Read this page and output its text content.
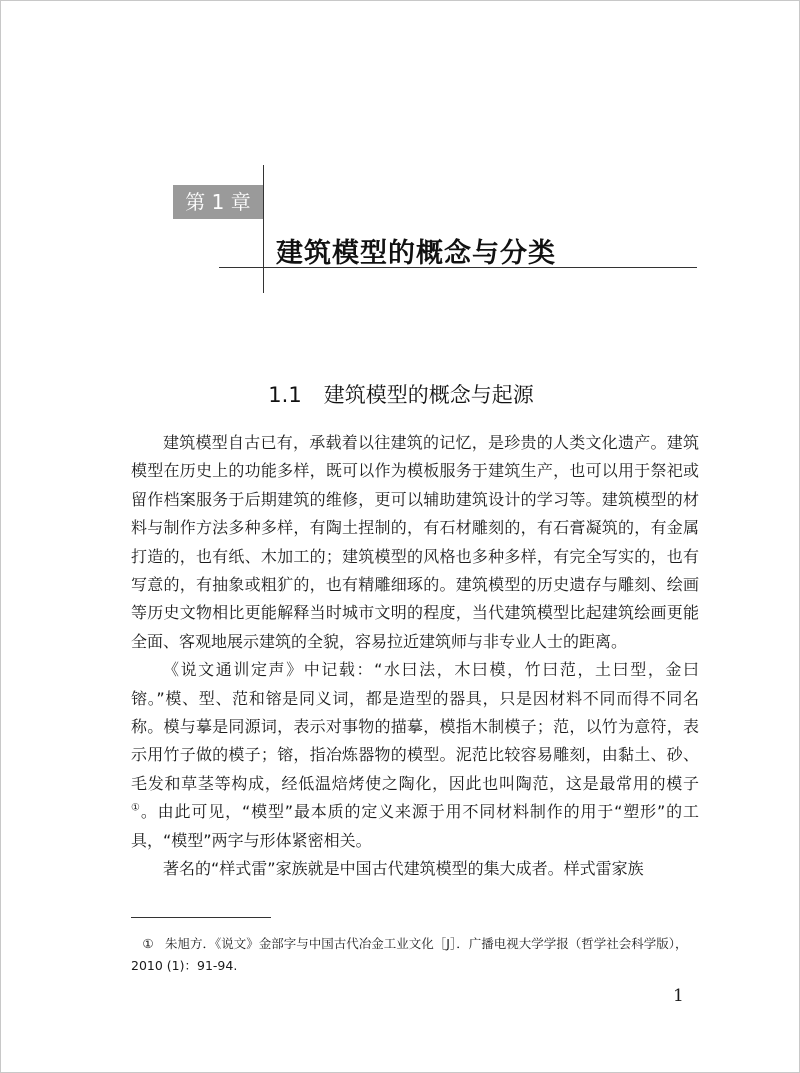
第 1 章
建筑模型的概念与分类
1.1 建筑模型的概念与起源

建筑模型自古已有，承载着以往建筑的记忆，是珍贵的人类文化遗产。建筑模型在历史上的功能多样，既可以作为模板服务于建筑生产，也可以用于祭祀或留作档案服务于后期建筑的维修，更可以辅助建筑设计的学习等。建筑模型的材料与制作方法多种多样，有陶土捏制的，有石材雕刻的，有石膏凝筑的，有金属打造的，也有纸、木加工的；建筑模型的风格也多种多样，有完全写实的，也有写意的，有抽象或粗犷的，也有精雕细琢的。建筑模型的历史遗存与雕刻、绘画等历史文物相比更能解释当时城市文明的程度，当代建筑模型比起建筑绘画更能全面、客观地展示建筑的全貌，容易拉近建筑师与非专业人士的距离。

《说文通训定声》中记载：“水曰法，木曰模，竹曰范，土曰型，金曰镕。”模、型、范和镕是同义词，都是造型的器具，只是因材料不同而得不同名称。模与摹是同源词，表示对事物的描摹，模指木制模子；范，以竹为意符，表示用竹子做的模子；镕，指冶炼器物的模型。泥范比较容易雕刻，由黏土、砂、毛发和草茎等构成，经低温焙烤使之陶化，因此也叫陶范，这是最常用的模子①。由此可见，“模型”最本质的定义来源于用不同材料制作的用于“塑形”的工具，“模型”两字与形体紧密相关。

著名的“样式雷”家族就是中国古代建筑模型的集大成者。样式雷家族

① 朱旭方．《说文》金部字与中国古代冶金工业文化［J］．广播电视大学学报（哲学社会科学版），2010 (1)：91-94.
1
